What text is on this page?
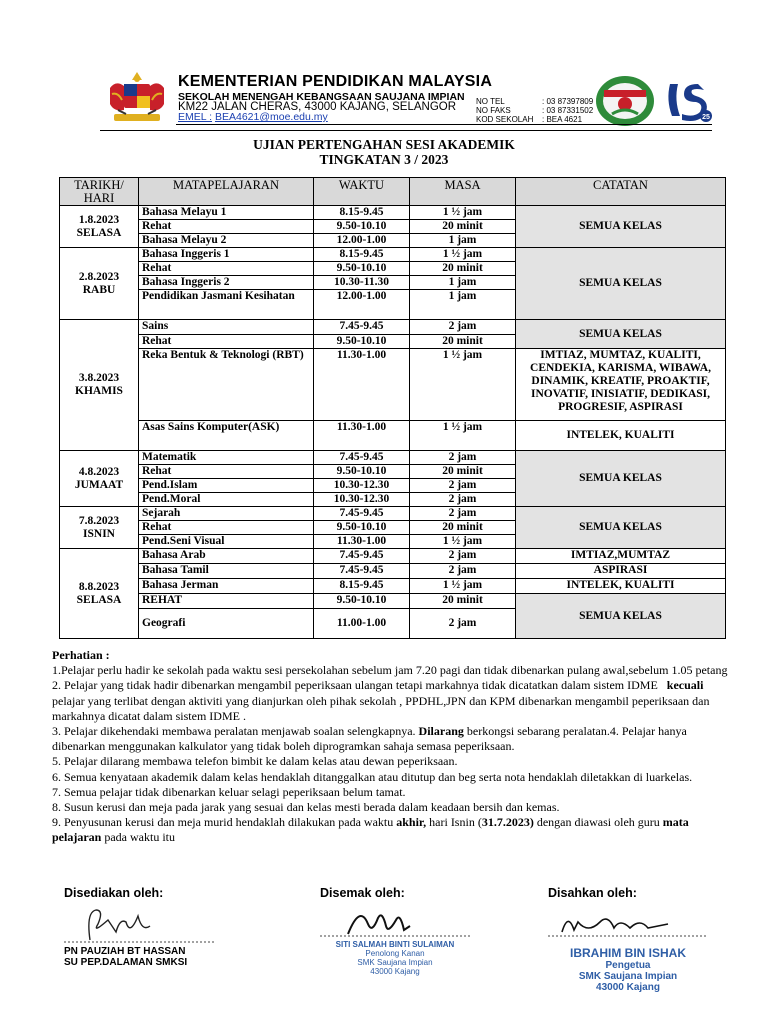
KEMENTERIAN PENDIDIKAN MALAYSIA
SEKOLAH MENENGAH KEBANGSAAN SAUJANA IMPIAN
KM22 JALAN CHERAS, 43000 KAJANG, SELANGOR
EMEL : BEA4621@moe.edu.my
NO TEL	: 03 87397809
NO FAKS	: 03 87331502
KOD SEKOLAH : BEA 4621	25
UJIAN PERTENGAHAN SESI AKADEMIK
TINGKATAN 3 / 2023
TARIKH/ HARI	MATAPELAJARAN	WAKTU	MASA	CATATAN

1.8.2023
SELASA	Bahasa Melayu 1	8.15-9.45	1 ½ jam	SEMUA KELAS
	Rehat	9.50-10.10	20 minit	
	Bahasa Melayu 2	12.00-1.00	1 jam	

2.8.2023
RABU	Bahasa Inggeris 1	8.15-9.45	1 ½ jam	SEMUA KELAS
	Rehat	9.50-10.10	20 minit	
	Bahasa Inggeris 2	10.30-11.30	1 jam	
	Pendidikan Jasmani Kesihatan	12.00-1.00	1 jam	

3.8.2023
KHAMIS	Sains	7.45-9.45	2 jam	SEMUA KELAS
	Rehat	9.50-10.10	20 minit	
	Reka Bentuk & Teknologi (RBT)	11.30-1.00	1 ½ jam	IMTIAZ, MUMTAZ, KUALITI, CENDEKIA, KARISMA, WIBAWA, DINAMIK, KREATIF, PROAKTIF, INOVATIF, INISIATIF, DEDIKASI, PROGRESIF, ASPIRASI
	Asas Sains Komputer(ASK)	11.30-1.00	1 ½ jam	INTELEK, KUALITI

4.8.2023
JUMAAT	Matematik	7.45-9.45	2 jam	SEMUA KELAS
	Rehat	9.50-10.10	20 minit	
	Pend.Islam	10.30-12.30	2 jam	
	Pend.Moral	10.30-12.30	2 jam	

7.8.2023
ISNIN	Sejarah	7.45-9.45	2 jam	SEMUA KELAS
	Rehat	9.50-10.10	20 minit	
	Pend.Seni Visual	11.30-1.00	1 ½ jam	

8.8.2023
SELASA	Bahasa Arab	7.45-9.45	2 jam	IMTIAZ,MUMTAZ
	Bahasa Tamil	7.45-9.45	2 jam	ASPIRASI
	Bahasa Jerman	8.15-9.45	1 ½ jam	INTELEK, KUALITI
	REHAT	9.50-10.10	20 minit	SEMUA KELAS
	Geografi	11.00-1.00	2 jam	

Perhatian :

1.Pelajar perlu hadir ke sekolah pada waktu sesi persekolahan sebelum jam 7.20 pagi dan tidak dibenarkan pulang awal,sebelum 1.05 petang

2. Pelajar yang tidak hadir dibenarkan mengambil peperiksaan ulangan tetapi markahnya tidak dicatatkan dalam sistem IDME kecuali pelajar yang terlibat dengan aktiviti yang dianjurkan oleh pihak sekolah , PPDHL,JPN dan KPM dibenarkan mengambil peperiksaan dan markahnya dicatat dalam sistem IDME .

3. Pelajar dikehendaki membawa peralatan menjawab soalan selengkapnya. Dilarang berkongsi sebarang peralatan.4. Pelajar hanya dibenarkan menggunakan kalkulator yang tidak boleh diprogramkan sahaja semasa peperiksaan.

5. Pelajar dilarang membawa telefon bimbit ke dalam kelas atau dewan peperiksaan.

6. Semua kenyataan akademik dalam kelas hendaklah ditanggalkan atau ditutup dan beg serta nota hendaklah diletakkan di luarkelas.

7. Semua pelajar tidak dibenarkan keluar selagi peperiksaan belum tamat.

8. Susun kerusi dan meja pada jarak yang sesuai dan kelas mesti berada dalam keadaan bersih dan kemas.

9. Penyusunan kerusi dan meja murid hendaklah dilakukan pada waktu akhir, hari Isnin (31.7.2023) dengan diawasi oleh guru mata pelajaran pada waktu itu

Disediakan oleh:
PN PAUZIAH BT HASSAN
SU PEP.DALAMAN SMKSI
Disemak oleh:
SITI SALMAH BINTI SULAIMAN
Penolong Kanan
SMK Saujana Impian
43000 Kajang
Disahkan oleh:
IBRAHIM BIN ISHAK
Pengetua
SMK Saujana Impian
43000 Kajang
